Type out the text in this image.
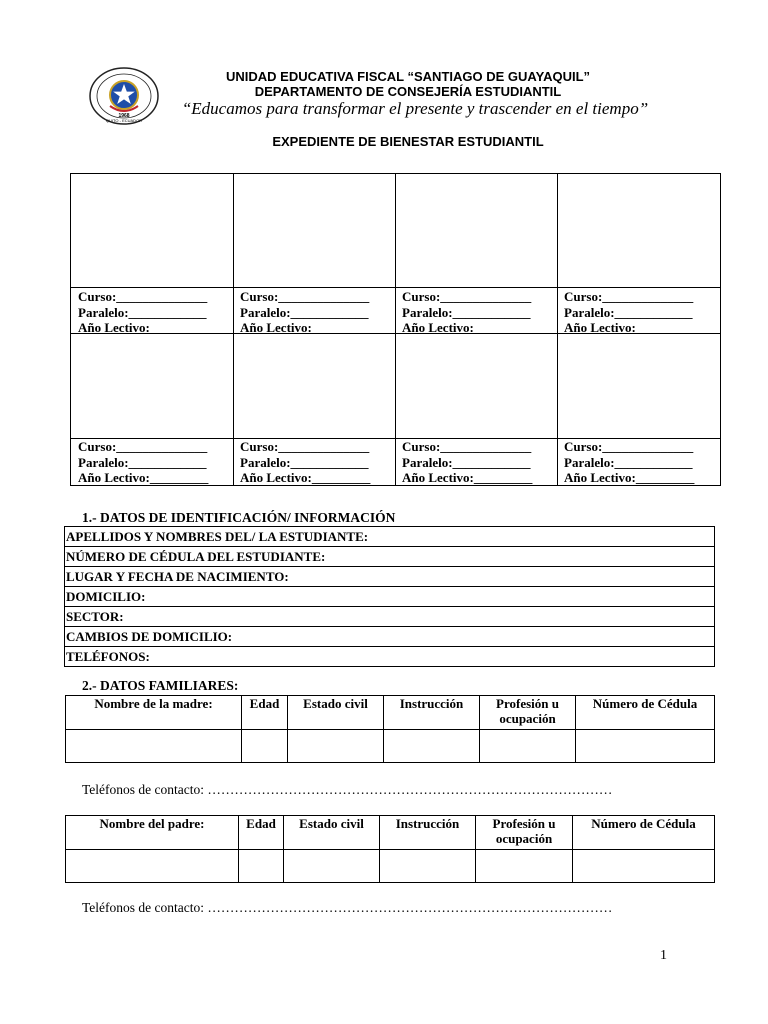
1968
QUITO - ECUADOR
UNIDAD EDUCATIVA FISCAL “SANTIAGO DE GUAYAQUIL”
DEPARTAMENTO DE CONSEJERÍA ESTUDIANTIL
“Educamos para transformar el presente y trascender en el tiempo”
EXPEDIENTE DE BIENESTAR ESTUDIANTIL
Curso:______________
Paralelo:____________
Año Lectivo:_________
Curso:______________
Paralelo:____________
Año Lectivo:_________
Curso:______________
Paralelo:____________
Año Lectivo:_________
Curso:______________
Paralelo:____________
Año Lectivo:_________
Curso:______________
Paralelo:____________
Año Lectivo:_________
Curso:______________
Paralelo:____________
Año Lectivo:_________
Curso:______________
Paralelo:____________
Año Lectivo:_________
Curso:______________
Paralelo:____________
Año Lectivo:_________
1.- DATOS DE IDENTIFICACIÓN/ INFORMACIÓN
APELLIDOS Y NOMBRES DEL/ LA ESTUDIANTE:
NÚMERO DE CÉDULA DEL ESTUDIANTE:
LUGAR Y FECHA DE NACIMIENTO:
DOMICILIO:
SECTOR:
CAMBIOS DE DOMICILIO:
TELÉFONOS:
2.- DATOS FAMILIARES:
Nombre de la madre:	Edad	Estado civil	Instrucción	Profesión u ocupación	Número de Cédula

Teléfonos de contacto: ………………………………………………………………………………
Nombre del padre:	Edad	Estado civil	Instrucción	Profesión u ocupación	Número de Cédula

Teléfonos de contacto: ………………………………………………………………………………
1
